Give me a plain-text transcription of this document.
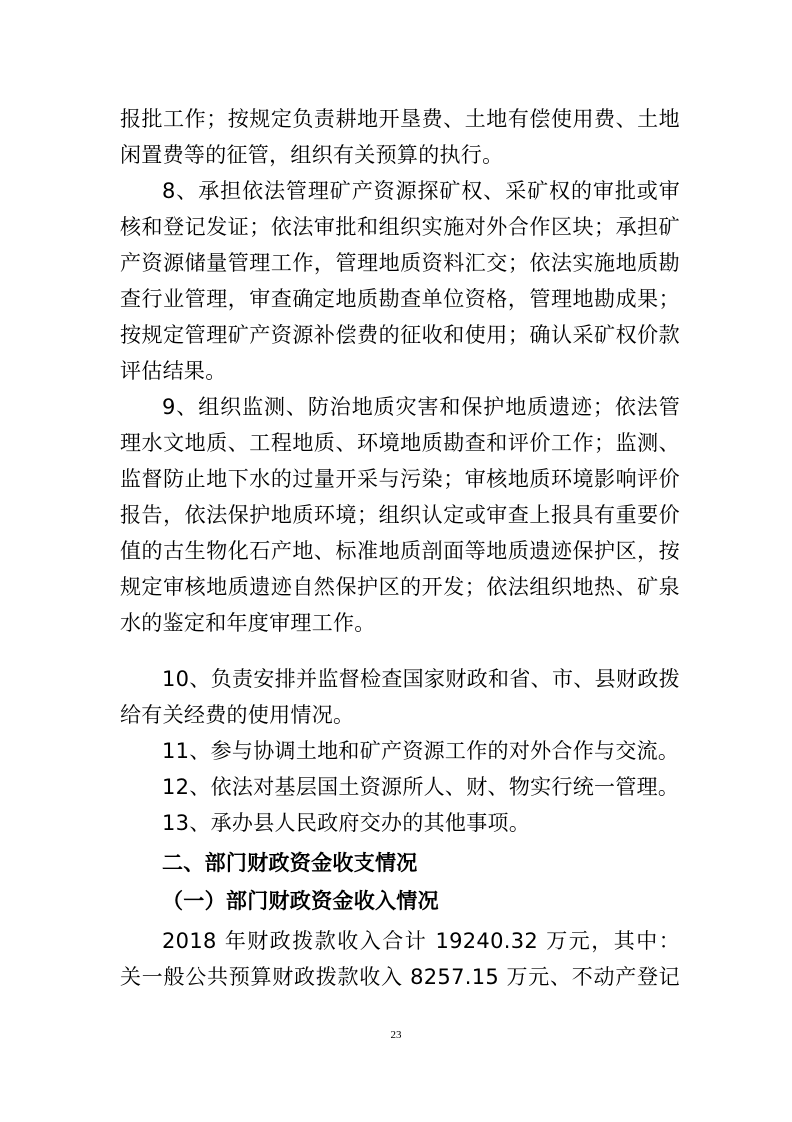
报批工作；按规定负责耕地开垦费、土地有偿使用费、土地
闲置费等的征管，组织有关预算的执行。
8、承担依法管理矿产资源探矿权、采矿权的审批或审
核和登记发证；依法审批和组织实施对外合作区块；承担矿
产资源储量管理工作，管理地质资料汇交；依法实施地质勘
查行业管理，审查确定地质勘查单位资格，管理地勘成果；
按规定管理矿产资源补偿费的征收和使用；确认采矿权价款
评估结果。
9、组织监测、防治地质灾害和保护地质遗迹；依法管
理水文地质、工程地质、环境地质勘查和评价工作；监测、
监督防止地下水的过量开采与污染；审核地质环境影响评价
报告，依法保护地质环境；组织认定或审查上报具有重要价
值的古生物化石产地、标准地质剖面等地质遗迹保护区，按
规定审核地质遗迹自然保护区的开发；依法组织地热、矿泉
水的鉴定和年度审理工作。
10、负责安排并监督检查国家财政和省、市、县财政拨
给有关经费的使用情况。
11、参与协调土地和矿产资源工作的对外合作与交流。
12、依法对基层国土资源所人、财、物实行统一管理。
13、承办县人民政府交办的其他事项。
二、部门财政资金收支情况
（一）部门财政资金收入情况
2018 年财政拨款收入合计 19240.32 万元，其中：
关一般公共预算财政拨款收入 8257.15 万元、不动产登记
23
